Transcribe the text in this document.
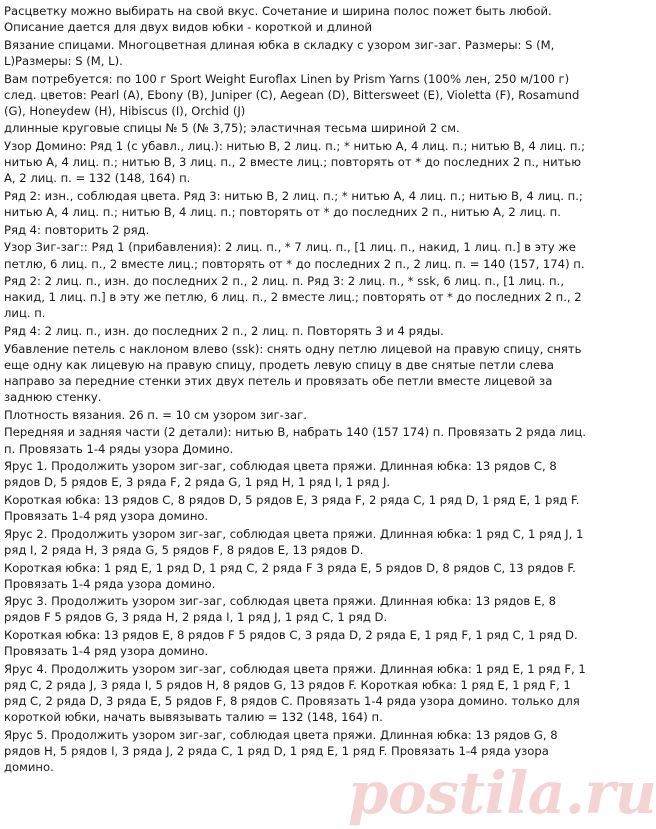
Расцветку можно выбирать на свой вкус. Сочетание и ширина полос пожет быть любой. Описание дается для двух видов юбки - короткой и длиной

Вязание спицами. Многоцветная длиная юбка в складку с узором зиг-заг. Размеры: S (M, L)Размеры: S (M, L).

Вам потребуется: по 100 г Sport Weight Euroflax Linen by Prism Yarns (100% лен, 250 м/100 г) след. цветов: Pearl (A), Ebony (B), Juniper (C), Aegean (D), Bittersweet (E), Violetta (F), Rosamund (G), Honeydew (H), Hibiscus (I), Orchid (J)

длинные круговые спицы № 5 (№ 3,75); эластичная тесьма шириной 2 см.

Узор Домино: Ряд 1 (с убавл., лиц.): нитью B, 2 лиц. п.; * нитью A, 4 лиц. п.; нитью B, 4 лиц. п.; нитью A, 4 лиц. п.; нитью B, 3 лиц. п., 2 вместе лиц.; повторять от * до последних 2 п., нитью A, 2 лиц. п. = 132 (148, 164) п.

Ряд 2: изн., соблюдая цвета. Ряд 3: нитью B, 2 лиц. п.; * нитью A, 4 лиц. п.; нитью B, 4 лиц. п.; нитью A, 4 лиц. п.; нитью B, 4 лиц. п.; повторять от * до последних 2 п., нитью A, 2 лиц. п.

Ряд 4: повторить 2 ряд.

Узор Зиг-заг:: Ряд 1 (прибавления): 2 лиц. п., * 7 лиц. п., [1 лиц. п., накид, 1 лиц. п.] в эту же петлю, 6 лиц. п., 2 вместе лиц.; повторять от * до последних 2 п., 2 лиц. п. = 140 (157, 174) п.

Ряд 2: 2 лиц. п., изн. до последних 2 п., 2 лиц. п. Ряд 3: 2 лиц. п., * ssk, 6 лиц. п., [1 лиц. п., накид, 1 лиц. п.] в эту же петлю, 6 лиц. п., 2 вместе лиц.; повторять от * до последних 2 п., 2 лиц. п.

Ряд 4: 2 лиц. п., изн. до последних 2 п., 2 лиц. п. Повторять 3 и 4 ряды.

Убавление петель с наклоном влево (ssk): снять одну петлю лицевой на правую спицу, снять еще одну как лицевую на правую спицу, продеть левую спицу в две снятые петли слева направо за передние стенки этих двух петель и провязать обе петли вместе лицевой за заднюю стенку.

Плотность вязания. 26 п. = 10 см узором зиг-заг.

Передняя и задняя части (2 детали): нитью B, набрать 140 (157 174) п. Провязать 2 ряда лиц. п. Провязать 1-4 ряды узора Домино.

Ярус 1. Продолжить узором зиг-заг, соблюдая цвета пряжи. Длинная юбка: 13 рядов C, 8 рядов D, 5 рядов E, 3 ряда F, 2 ряда G, 1 ряд H, 1 ряд I, 1 ряд J.

Короткая юбка: 13 рядов C, 8 рядов D, 5 рядов E, 3 ряда F, 2 ряда C, 1 ряд D, 1 ряд E, 1 ряд F. Провязать 1-4 ряд узора домино.

Ярус 2. Продолжить узором зиг-заг, соблюдая цвета пряжи. Длинная юбка: 1 ряд C, 1 ряд J, 1 ряд I, 2 ряда H, 3 ряда G, 5 рядов F, 8 рядов E, 13 рядов D.

Короткая юбка: 1 ряд E, 1 ряд D, 1 ряд C, 2 ряда F 3 ряда E, 5 рядов D, 8 рядов C, 13 рядов F. Провязать 1-4 ряда узора домино.

Ярус 3. Продолжить узором зиг-заг, соблюдая цвета пряжи. Длинная юбка: 13 рядов E, 8 рядов F 5 рядов G, 3 ряда H, 2 ряда I, 1 ряд J, 1 ряд C, 1 ряд D.

Короткая юбка: 13 рядов E, 8 рядов F 5 рядов C, 3 ряда D, 2 ряда E, 1 ряд F, 1 ряд C, 1 ряд D. Провязать 1-4 ряд узора домино.

Ярус 4. Продолжить узором зиг-заг, соблюдая цвета пряжи. Длинная юбка: 1 ряд E, 1 ряд F, 1 ряд C, 2 ряда J, 3 ряда I, 5 рядов H, 8 рядов G, 13 рядов F. Короткая юбка: 1 ряд E, 1 ряд F, 1 ряд C, 2 ряда D, 3 ряда E, 5 рядов F, 8 рядов C. Провязать 1-4 ряда узора домино. только для короткой юбки, начать вывязывать талию = 132 (148, 164) п.

Ярус 5. Продолжить узором зиг-заг, соблюдая цвета пряжи. Длинная юбка: 13 рядов G, 8 рядов H, 5 рядов I, 3 ряда J, 2 ряда C, 1 ряд D, 1 ряд E, 1 ряд F. Провязать 1-4 ряда узора домино.	postila.ru
